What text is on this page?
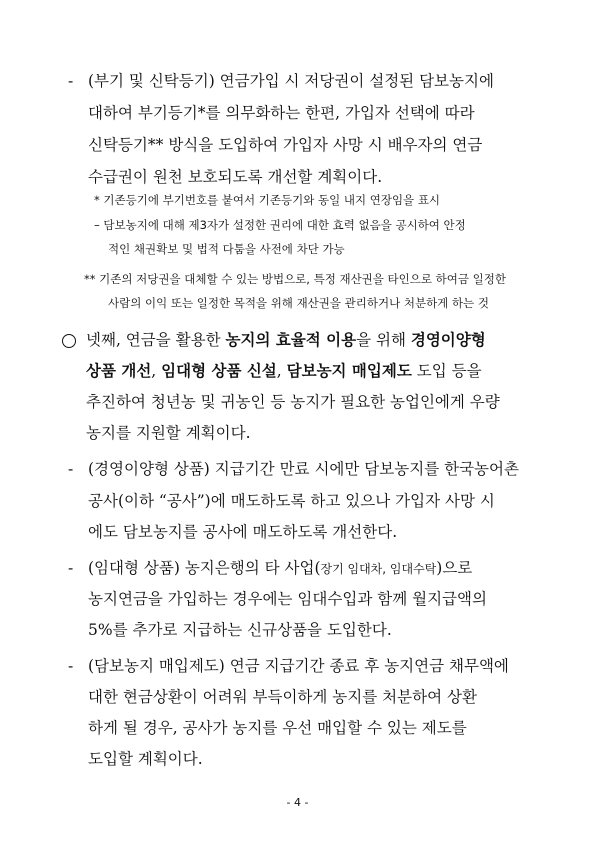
- (부기 및 신탁등기) 연금가입 시 저당권이 설정된 담보농지에
대하여 부기등기*를 의무화하는 한편, 가입자 선택에 따라
신탁등기** 방식을 도입하여 가입자 사망 시 배우자의 연금
수급권이 원천 보호되도록 개선할 계획이다.
* 기존등기에 부기번호를 붙여서 기존등기와 동일 내지 연장임을 표시
– 담보농지에 대해 제3자가 설정한 권리에 대한 효력 없음을 공시하여 안정
적인 채권확보 및 법적 다툼을 사전에 차단 가능
** 기존의 저당권을 대체할 수 있는 방법으로, 특정 재산권을 타인으로 하여금 일정한
사람의 이익 또는 일정한 목적을 위해 재산권을 관리하거나 처분하게 하는 것
넷째, 연금을 활용한 농지의 효율적 이용을 위해 경영이양형
상품 개선, 임대형 상품 신설, 담보농지 매입제도 도입 등을
추진하여 청년농 및 귀농인 등 농지가 필요한 농업인에게 우량
농지를 지원할 계획이다.
- (경영이양형 상품) 지급기간 만료 시에만 담보농지를 한국농어촌
공사(이하 “공사”)에 매도하도록 하고 있으나 가입자 사망 시
에도 담보농지를 공사에 매도하도록 개선한다.
- (임대형 상품) 농지은행의 타 사업(장기 임대차, 임대수탁)으로
농지연금을 가입하는 경우에는 임대수입과 함께 월지급액의
5%를 추가로 지급하는 신규상품을 도입한다.
- (담보농지 매입제도) 연금 지급기간 종료 후 농지연금 채무액에
대한 현금상환이 어려워 부득이하게 농지를 처분하여 상환
하게 될 경우, 공사가 농지를 우선 매입할 수 있는 제도를
도입할 계획이다.
- 4 -
